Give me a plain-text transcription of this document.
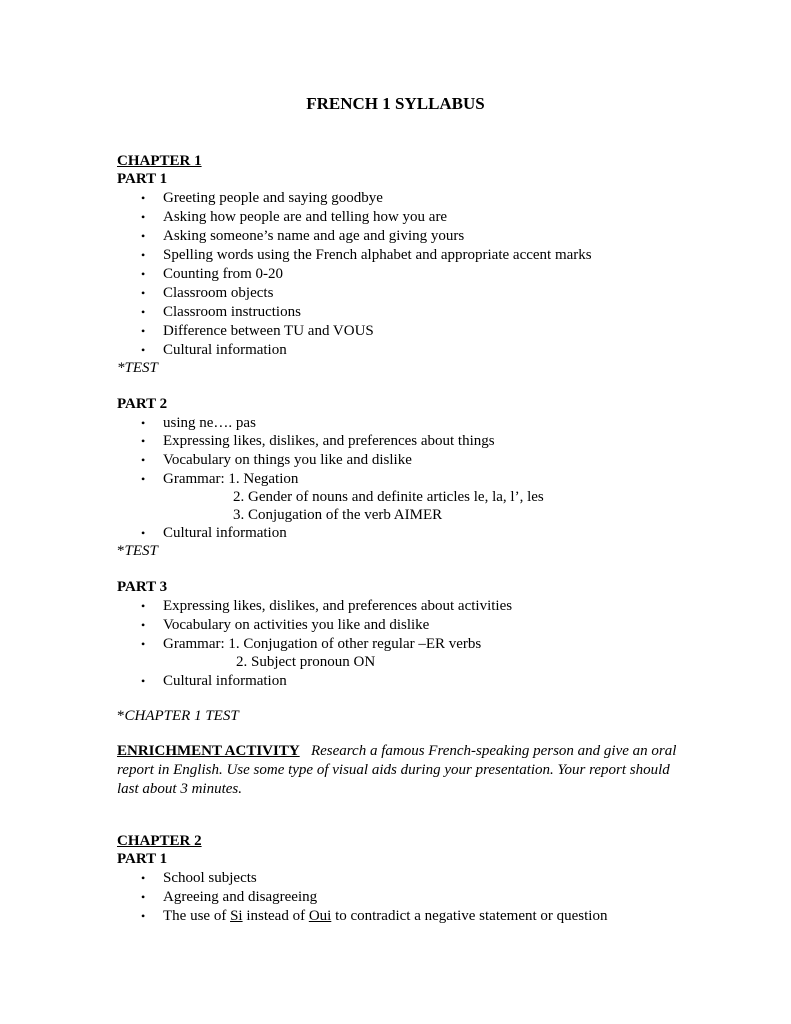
FRENCH 1 SYLLABUS
CHAPTER 1
PART 1
• Greeting people and saying goodbye
• Asking how people are and telling how you are
• Asking someone’s name and age and giving yours
• Spelling words using the French alphabet and appropriate accent marks
• Counting from 0-20
• Classroom objects
• Classroom instructions
• Difference between TU and VOUS
• Cultural information
*TEST
PART 2
• using ne…. pas
• Expressing likes, dislikes, and preferences about things
• Vocabulary on things you like and dislike
• Grammar: 1. Negation
2. Gender of nouns and definite articles le, la, l’, les
3. Conjugation of the verb AIMER
• Cultural information
*TEST
PART 3
• Expressing likes, dislikes, and preferences about activities
• Vocabulary on activities you like and dislike
• Grammar: 1. Conjugation of other regular –ER verbs
2. Subject pronoun ON
• Cultural information
*CHAPTER 1 TEST
ENRICHMENT ACTIVITY Research a famous French-speaking person and give an oral report in English. Use some type of visual aids during your presentation. Your report should last about 3 minutes.
CHAPTER 2
PART 1
• School subjects
• Agreeing and disagreeing
• The use of Si instead of Oui to contradict a negative statement or question
